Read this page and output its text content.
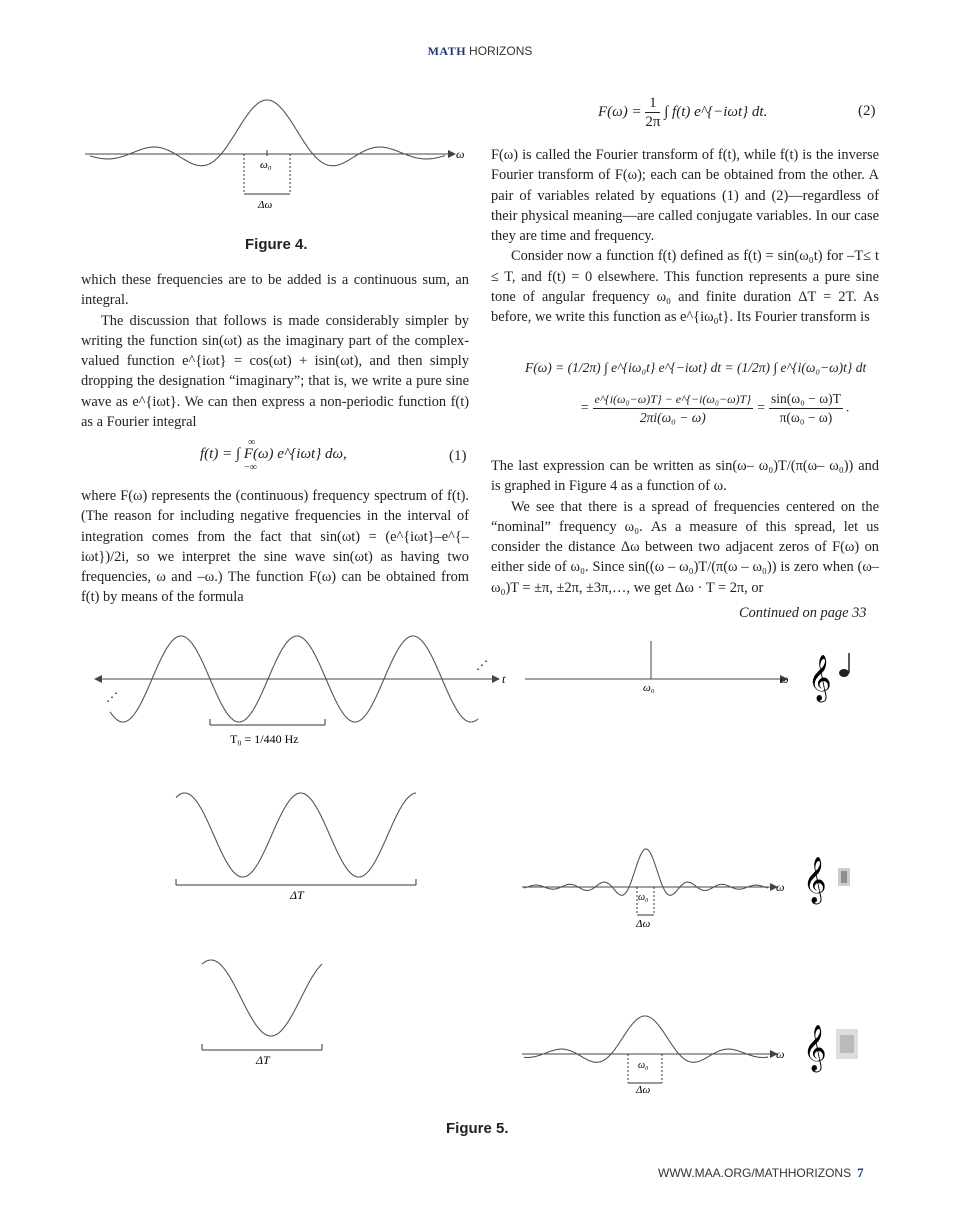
MATH HORIZONS
ω₀
Δω
ω
Figure 4.

which these frequencies are to be added is a continuous sum, an integral.

The discussion that follows is made considerably simpler by writing the function sin(ωt) as the imaginary part of the complex-valued function e^{iωt} = cos(ωt) + isin(ωt), and then simply dropping the designation “imaginary”; that is, we write a pure sine wave as e^{iωt}. We can then express a non-periodic function f(t) as a Fourier integral

f(t) = ∫ F(ω) e^{iωt} dω,
∞
−∞
(1)

where F(ω) represents the (continuous) frequency spectrum of f(t). (The reason for including negative frequencies in the interval of integration comes from the fact that sin(ωt) = (e^{iωt}–e^{–iωt})/2i, so we interpret the sine wave sin(ωt) as having two frequencies, ω and –ω.) The function F(ω) can be obtained from f(t) by means of the formula

$F(\omega) = \frac{1}{2\pi}$ ∫ f(t) e^{−iωt} dt.	(2)

F(ω) is called the Fourier transform of f(t), while f(t) is the inverse Fourier transform of F(ω); each can be obtained from the other. A pair of variables related by equations (1) and (2)—regardless of their physical meaning—are called conjugate variables. In our case they are time and frequency.

Consider now a function f(t) defined as f(t) = sin(ω₀t) for –T≤ t ≤ T, and f(t) = 0 elsewhere. This function represents a pure sine tone of angular frequency ω₀ and finite duration ΔT = 2T. As before, we write this function as e^{iω₀t}. Its Fourier transform is

F(ω) = (1/2π) ∫ e^{iω₀t} e^{−iωt} dt = (1/2π) ∫ e^{i(ω₀−ω)t} dt
= $\frac{\text{e\textasciicircum{}\{i(ω₀−ω)T\} − e\textasciicircum{}\{−i(ω₀−ω)T\}}}{\text{2πi(ω₀ − ω)}} = \frac{\text{sin(ω₀ − ω)T}}{\text{π(ω₀ − ω)}}$ .

The last expression can be written as sin(ω– ω₀)T/(π(ω– ω₀)) and is graphed in Figure 4 as a function of ω.

We see that there is a spread of frequencies centered on the “nominal” frequency ω₀. As a measure of this spread, let us consider the distance Δω between two adjacent zeros of F(ω) on either side of ω₀. Since sin((ω – ω₀)T/(π(ω – ω₀)) is zero when (ω– ω₀)T = ±π, ±2π, ±3π,…, we get Δω · T = 2π, or

Continued on page 33
⋰
⋰
t
T₀ = 1/440 Hz
ω₀
ω 𝄞
ΔT	ω₀
Δω
ω 𝄞
ΔT	ω₀
Δω
ω 𝄞
Figure 5.
WWW.MAA.ORG/MATHHORIZONS 7
